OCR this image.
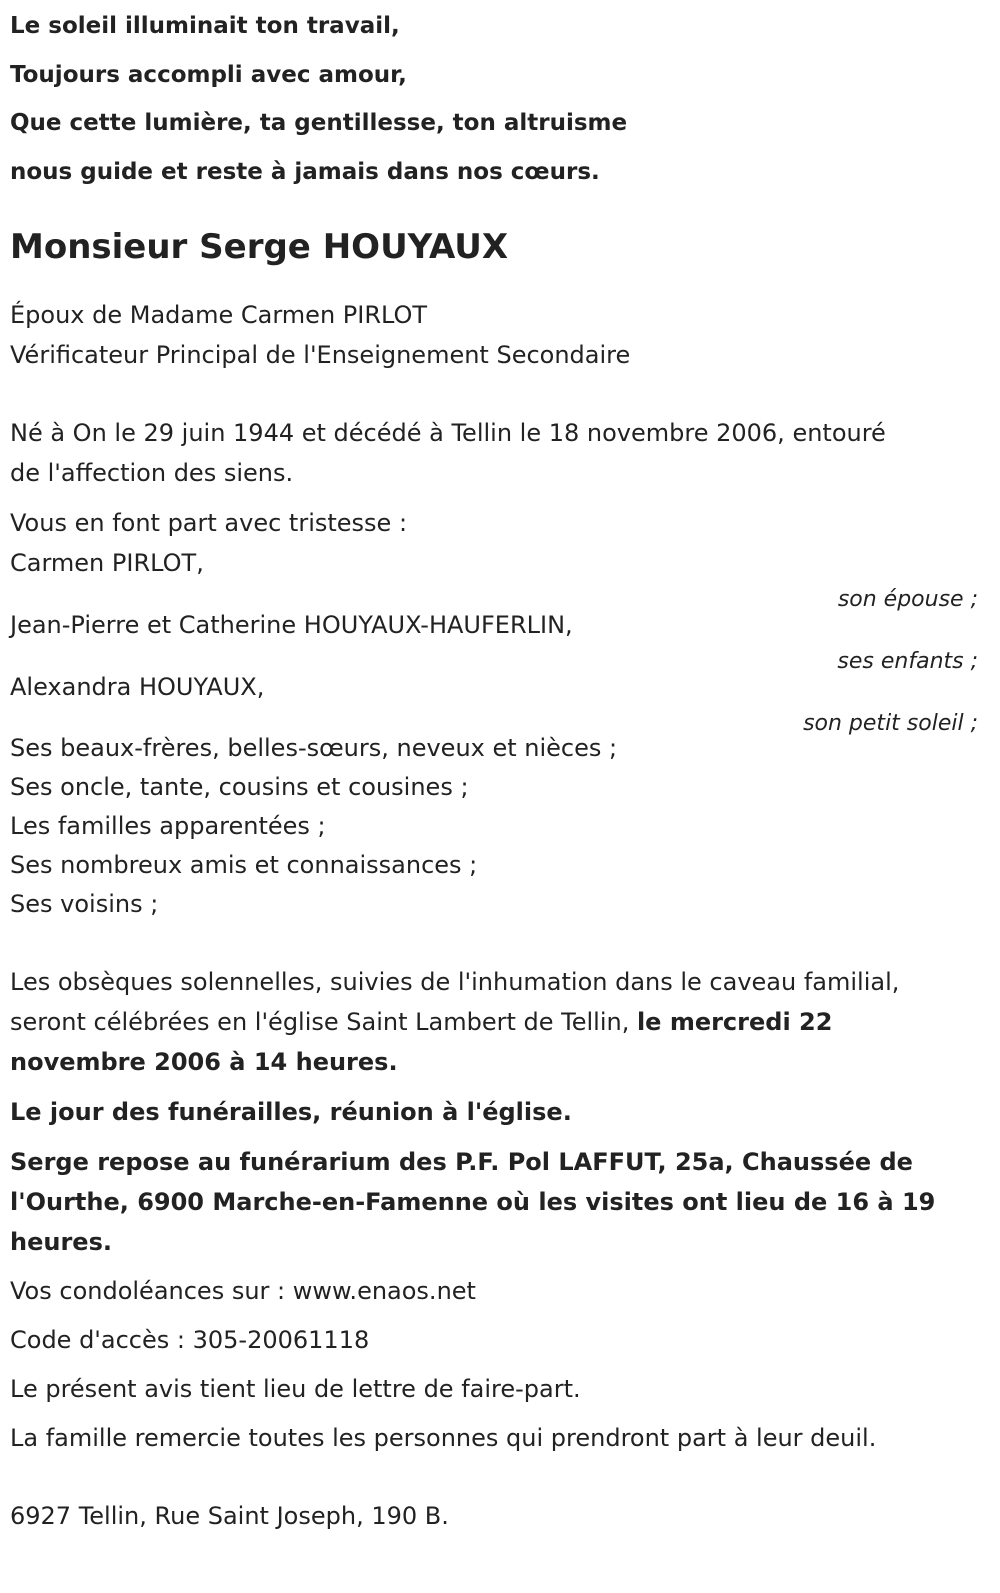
Le soleil illuminait ton travail,
Toujours accompli avec amour,
Que cette lumière, ta gentillesse, ton altruisme
nous guide et reste à jamais dans nos cœurs.
Monsieur Serge HOUYAUX
Époux de Madame Carmen PIRLOT
Vérificateur Principal de l'Enseignement Secondaire
Né à On le 29 juin 1944 et décédé à Tellin le 18 novembre 2006, entouré
de l'affection des siens.
Vous en font part avec tristesse :
Carmen PIRLOT,
son épouse ;
Jean-Pierre et Catherine HOUYAUX-HAUFERLIN,
ses enfants ;
Alexandra HOUYAUX,
son petit soleil ;
Ses beaux-frères, belles-sœurs, neveux et nièces ;
Ses oncle, tante, cousins et cousines ;
Les familles apparentées ;
Ses nombreux amis et connaissances ;
Ses voisins ;
Les obsèques solennelles, suivies de l'inhumation dans le caveau familial,
seront célébrées en l'église Saint Lambert de Tellin, le mercredi 22
novembre 2006 à 14 heures.
Le jour des funérailles, réunion à l'église.
Serge repose au funérarium des P.F. Pol LAFFUT, 25a, Chaussée de
l'Ourthe, 6900 Marche-en-Famenne où les visites ont lieu de 16 à 19
heures.
Vos condoléances sur : www.enaos.net
Code d'accès : 305-20061118
Le présent avis tient lieu de lettre de faire-part.
La famille remercie toutes les personnes qui prendront part à leur deuil.
6927 Tellin, Rue Saint Joseph, 190 B.
